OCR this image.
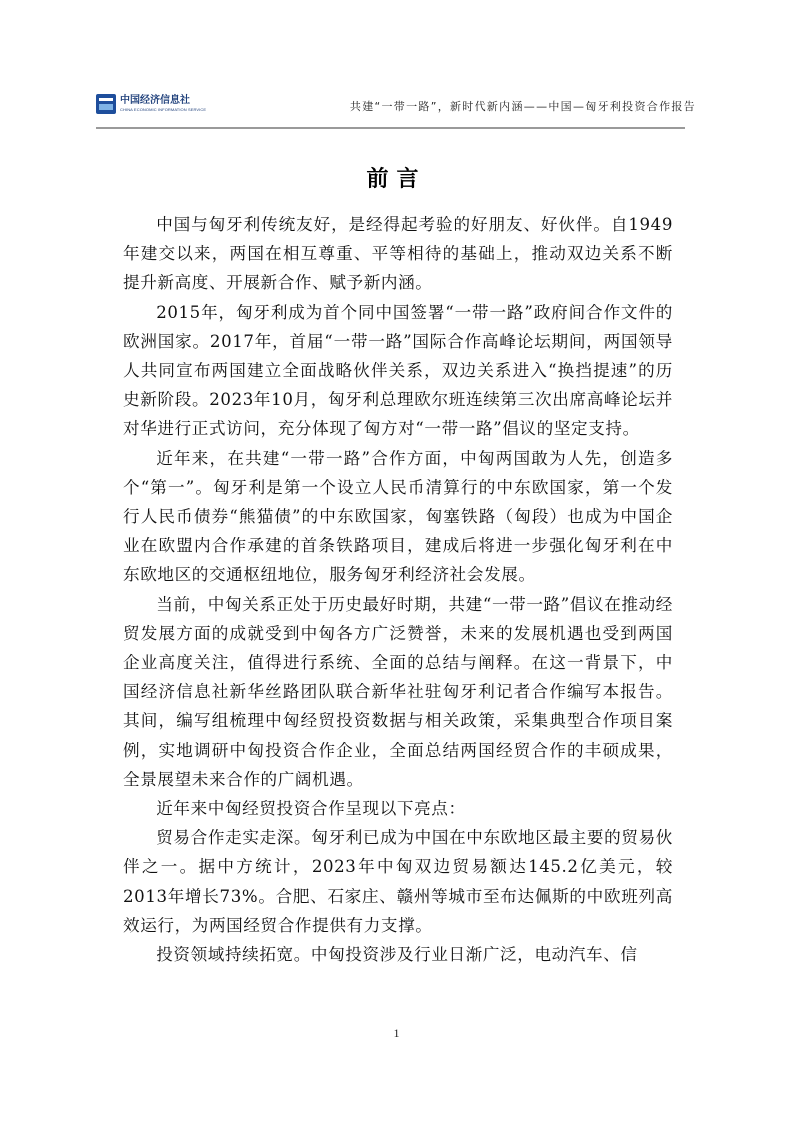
中国经济信息社
CHINA ECONOMIC INFORMATION SERVICE	共建“一带一路”，新时代新内涵——中国—匈牙利投资合作报告
前言

中国与匈牙利传统友好，是经得起考验的好朋友、好伙伴。自1949年建交以来，两国在相互尊重、平等相待的基础上，推动双边关系不断提升新高度、开展新合作、赋予新内涵。

2015年，匈牙利成为首个同中国签署“一带一路”政府间合作文件的欧洲国家。2017年，首届“一带一路”国际合作高峰论坛期间，两国领导人共同宣布两国建立全面战略伙伴关系，双边关系进入“换挡提速”的历史新阶段。2023年10月，匈牙利总理欧尔班连续第三次出席高峰论坛并对华进行正式访问，充分体现了匈方对“一带一路”倡议的坚定支持。

近年来，在共建“一带一路”合作方面，中匈两国敢为人先，创造多个“第一”。匈牙利是第一个设立人民币清算行的中东欧国家，第一个发行人民币债券“熊猫债”的中东欧国家，匈塞铁路（匈段）也成为中国企业在欧盟内合作承建的首条铁路项目，建成后将进一步强化匈牙利在中东欧地区的交通枢纽地位，服务匈牙利经济社会发展。

当前，中匈关系正处于历史最好时期，共建“一带一路”倡议在推动经贸发展方面的成就受到中匈各方广泛赞誉，未来的发展机遇也受到两国企业高度关注，值得进行系统、全面的总结与阐释。在这一背景下，中国经济信息社新华丝路团队联合新华社驻匈牙利记者合作编写本报告。其间，编写组梳理中匈经贸投资数据与相关政策，采集典型合作项目案例，实地调研中匈投资合作企业，全面总结两国经贸合作的丰硕成果，全景展望未来合作的广阔机遇。

近年来中匈经贸投资合作呈现以下亮点：

贸易合作走实走深。匈牙利已成为中国在中东欧地区最主要的贸易伙伴之一。据中方统计，2023年中匈双边贸易额达145.2亿美元，较2013年增长73%。合肥、石家庄、赣州等城市至布达佩斯的中欧班列高效运行，为两国经贸合作提供有力支撑。

投资领域持续拓宽。中匈投资涉及行业日渐广泛，电动汽车、信

1
